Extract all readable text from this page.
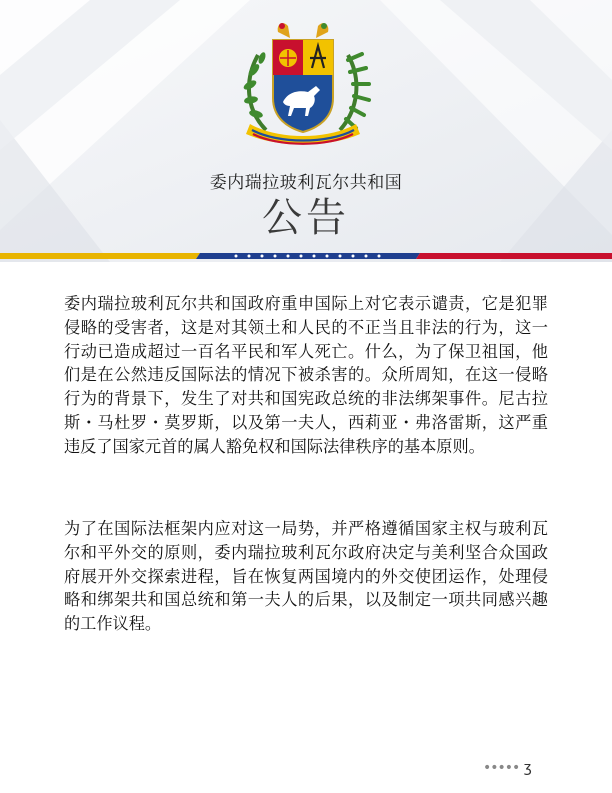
委内瑞拉玻利瓦尔共和国
公告
委内瑞拉玻利瓦尔共和国政府重申国际上对它表示谴责，它是犯罪侵略的受害者，这是对其领土和人民的不正当且非法的行为，这一行动已造成超过一百名平民和军人死亡。什么，为了保卫祖国，他们是在公然违反国际法的情况下被杀害的。众所周知，在这一侵略行为的背景下，发生了对共和国宪政总统的非法绑架事件。尼古拉斯・马杜罗・莫罗斯，以及第一夫人，西莉亚・弗洛雷斯，这严重违反了国家元首的属人豁免权和国际法律秩序的基本原则。
为了在国际法框架内应对这一局势，并严格遵循国家主权与玻利瓦尔和平外交的原则，委内瑞拉玻利瓦尔政府决定与美利坚合众国政府展开外交探索进程，旨在恢复两国境内的外交使团运作，处理侵略和绑架共和国总统和第一夫人的后果，以及制定一项共同感兴趣的工作议程。
••••• ʒ
